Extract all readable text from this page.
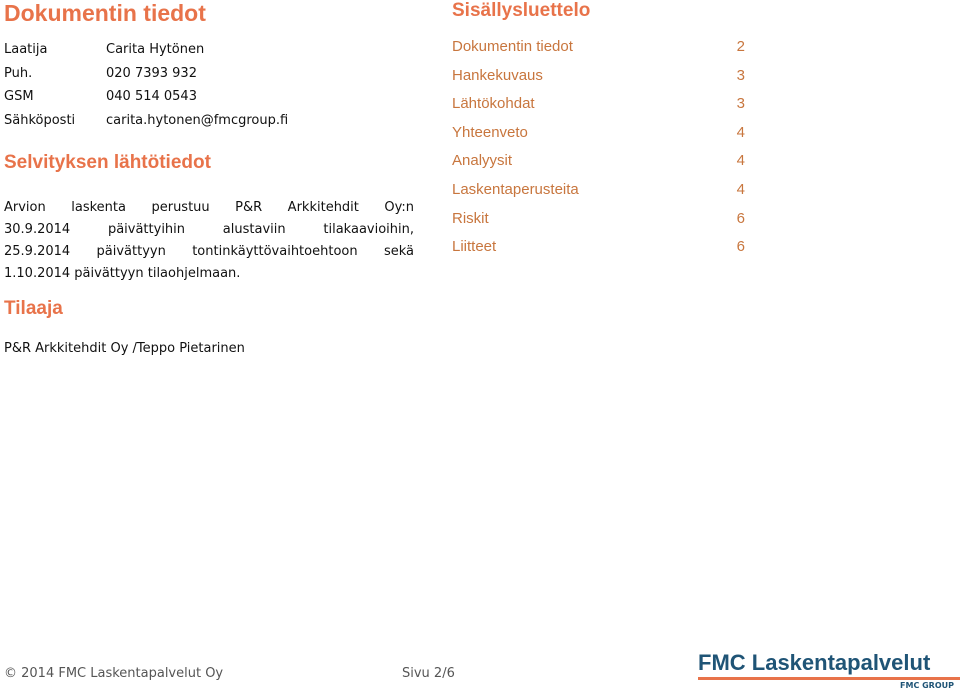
Dokumentin tiedot
Laatija	Carita Hytönen
Puh.	020 7393 932
GSM	040 514 0543
Sähköposti	carita.hytonen@fmcgroup.fi
Selvityksen lähtötiedot
Arvion laskenta perustuu P&R Arkkitehdit Oy:n
30.9.2014 päivättyihin alustaviin tilakaavioihin,
25.9.2014 päivättyyn tontinkäyttövaihtoehtoon sekä
1.10.2014 päivättyyn tilaohjelmaan.
Tilaaja
P&R Arkkitehdit Oy /Teppo Pietarinen
Sisällysluettelo
Dokumentin tiedot	2
Hankekuvaus	3
Lähtökohdat	3
Yhteenveto	4
Analyysit	4
Laskentaperusteita	4
Riskit	6
Liitteet	6
© 2014 FMC Laskentapalvelut Oy	Sivu 2/6	FMC Laskentapalvelut
FMC GROUP
